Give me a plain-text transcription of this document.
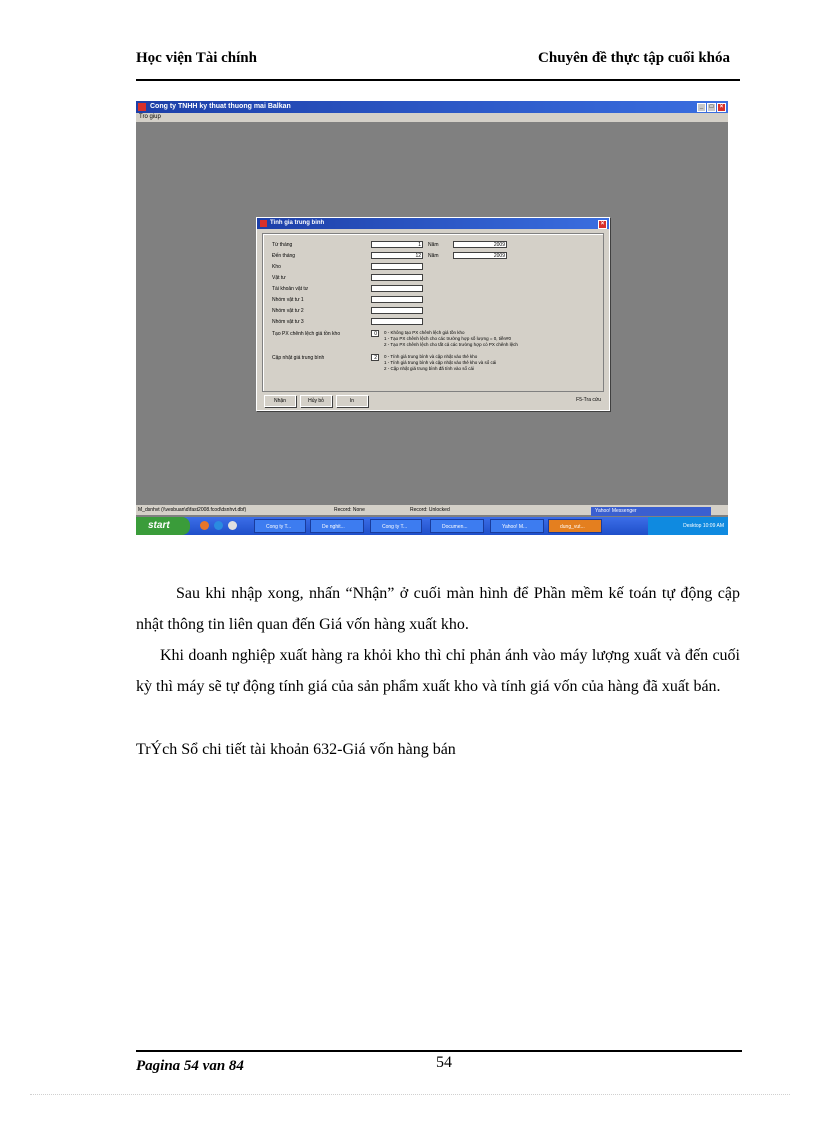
Học viện Tài chính	Chuyên đề thực tập cuối khóa
Cong ty TNHH ky thuat thuong mai Balkan	_ □ ×
Tro giup
Tinh gia trung binh	×
Từ tháng	1	Năm	2009
Đến tháng	12	Năm	2009
Kho
Vật tư
Tài khoản vật tư
Nhóm vật tư 1
Nhóm vật tư 2
Nhóm vật tư 3
Tạo PX chênh lệch giá tồn kho	0	0 - Không tạo PX chênh lệch giá tồn kho
1 - Tạo PX chênh lệch cho các trường hợp số lượng = 0, tiền#0
2 - Tạo PX chênh lệch cho tất cả các trường hợp có PX chênh lệch
Cập nhật giá trung bình	2	0 - Tính giá trung bình và cập nhật vào thẻ kho
1 - Tính giá trung bình và cập nhật vào thẻ kho và sổ cái
2 - Cập nhật giá trung bình đã tính vào sổ cái
Nhận	Hủy bỏ	In	F5-Tra cứu
M_dsnhvt (\\vesbuan\d\fast2008.fcod\dsnhvt.dbf)	Record: None	Record: Unlocked	Yahoo! Messenger
start	Cong ty T...	De nghit...	Cong ty T...	Documen...	Yahoo! M...	dung_vut...	Desktop 10:09 AM
Sau khi nhập xong, nhấn “Nhận” ở cuối màn hình để Phần mềm kế toán tự động cập nhật thông tin liên quan đến Giá vốn hàng xuất kho.
Khi doanh nghiệp xuất hàng ra khỏi kho thì chỉ phản ánh vào máy lượng xuất và đến cuối kỳ thì máy sẽ tự động tính giá của sản phẩm xuất kho và tính giá vốn của hàng đã xuất bán.
TrÝch Sổ chi tiết tài khoản 632-Giá vốn hàng bán
Pagina 54 van 84	54
